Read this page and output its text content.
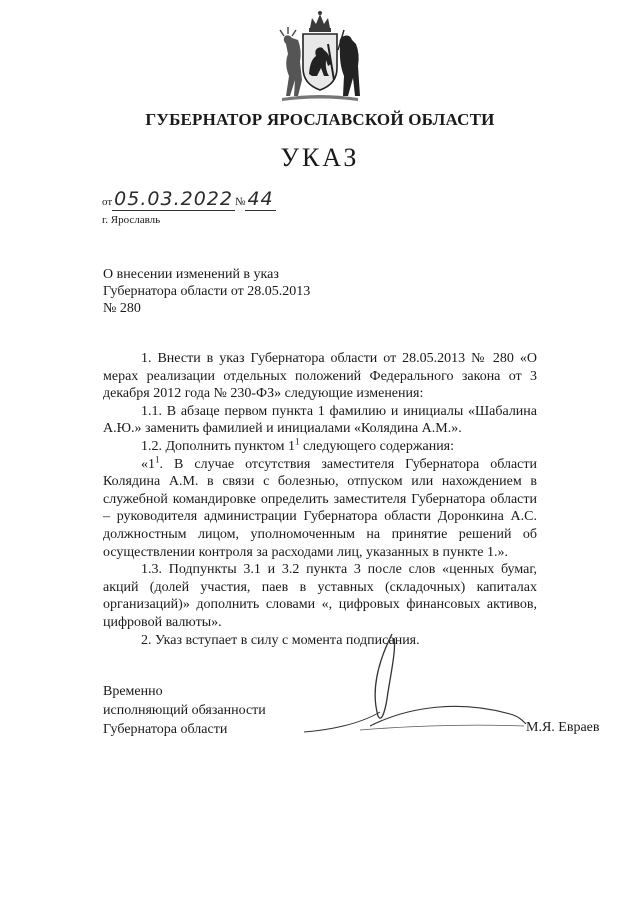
ГУБЕРНАТОР ЯРОСЛАВСКОЙ ОБЛАСТИ
УКАЗ
от 05.03.2022 № 44
г. Ярославль
О внесении изменений в указ
Губернатора области от 28.05.2013
№ 280

1. Внести в указ Губернатора области от 28.05.2013 № 280 «О мерах реализации отдельных положений Федерального закона от 3 декабря 2012 года № 230-ФЗ» следующие изменения:

1.1. В абзаце первом пункта 1 фамилию и инициалы «Шабалина А.Ю.» заменить фамилией и инициалами «Колядина А.М.».

1.2. Дополнить пунктом $1^1$ следующего содержания:

«$1^1$. В случае отсутствия заместителя Губернатора области Колядина А.М. в связи с болезнью, отпуском или нахождением в служебной командировке определить заместителя Губернатора области – руководителя администрации Губернатора области Доронкина А.С. должностным лицом, уполномоченным на принятие решений об осуществлении контроля за расходами лиц, указанных в пункте 1.».

1.3. Подпункты 3.1 и 3.2 пункта 3 после слов «ценных бумаг, акций (долей участия, паев в уставных (складочных) капиталах организаций)» дополнить словами «, цифровых финансовых активов, цифровой валюты».

2. Указ вступает в силу с момента подписания.

Временно
исполняющий обязанности
Губернатора области	М.Я. Евраев
